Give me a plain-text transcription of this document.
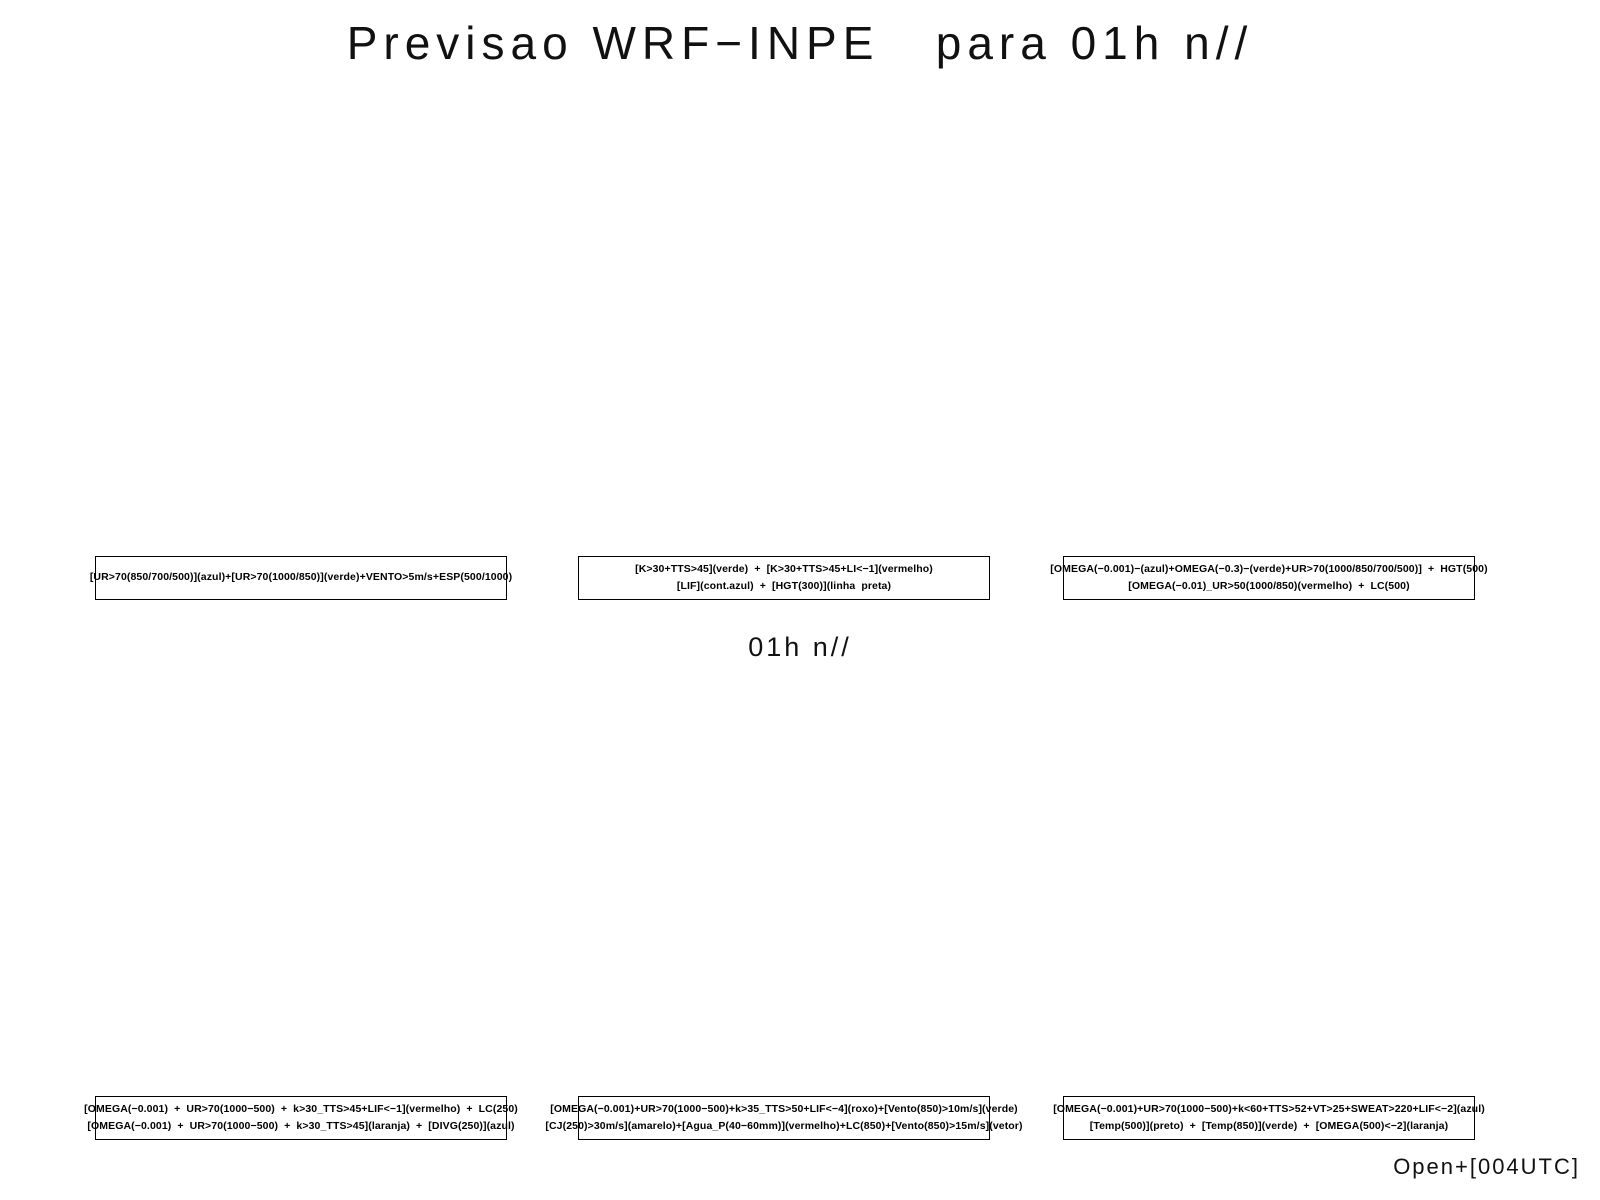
Previsao WRF−INPE   para 01h n//
[UR>70(850/700/500)](azul)+[UR>70(1000/850)](verde)+VENTO>5m/s+ESP(500/1000)
[K>30+TTS>45](verde)  +  [K>30+TTS>45+LI<−1](vermelho)
[LIF](cont.azul)  +  [HGT(300)](linha  preta)
[OMEGA(−0.001)−(azul)+OMEGA(−0.3)−(verde)+UR>70(1000/850/700/500)]  +  HGT(500)
[OMEGA(−0.01)_UR>50(1000/850)(vermelho)  +  LC(500)
01h n//
[OMEGA(−0.001)  +  UR>70(1000−500)  +  k>30_TTS>45+LIF<−1](vermelho)  +  LC(250)
[OMEGA(−0.001)  +  UR>70(1000−500)  +  k>30_TTS>45](laranja)  +  [DIVG(250)](azul)
[OMEGA(−0.001)+UR>70(1000−500)+k>35_TTS>50+LIF<−4](roxo)+[Vento(850)>10m/s](verde)
[CJ(250)>30m/s](amarelo)+[Agua_P(40−60mm)](vermelho)+LC(850)+[Vento(850)>15m/s](vetor)
[OMEGA(−0.001)+UR>70(1000−500)+k<60+TTS>52+VT>25+SWEAT>220+LIF<−2](azul)
[Temp(500)](preto)  +  [Temp(850)](verde)  +  [OMEGA(500)<−2](laranja)
Open+[004UTC]
